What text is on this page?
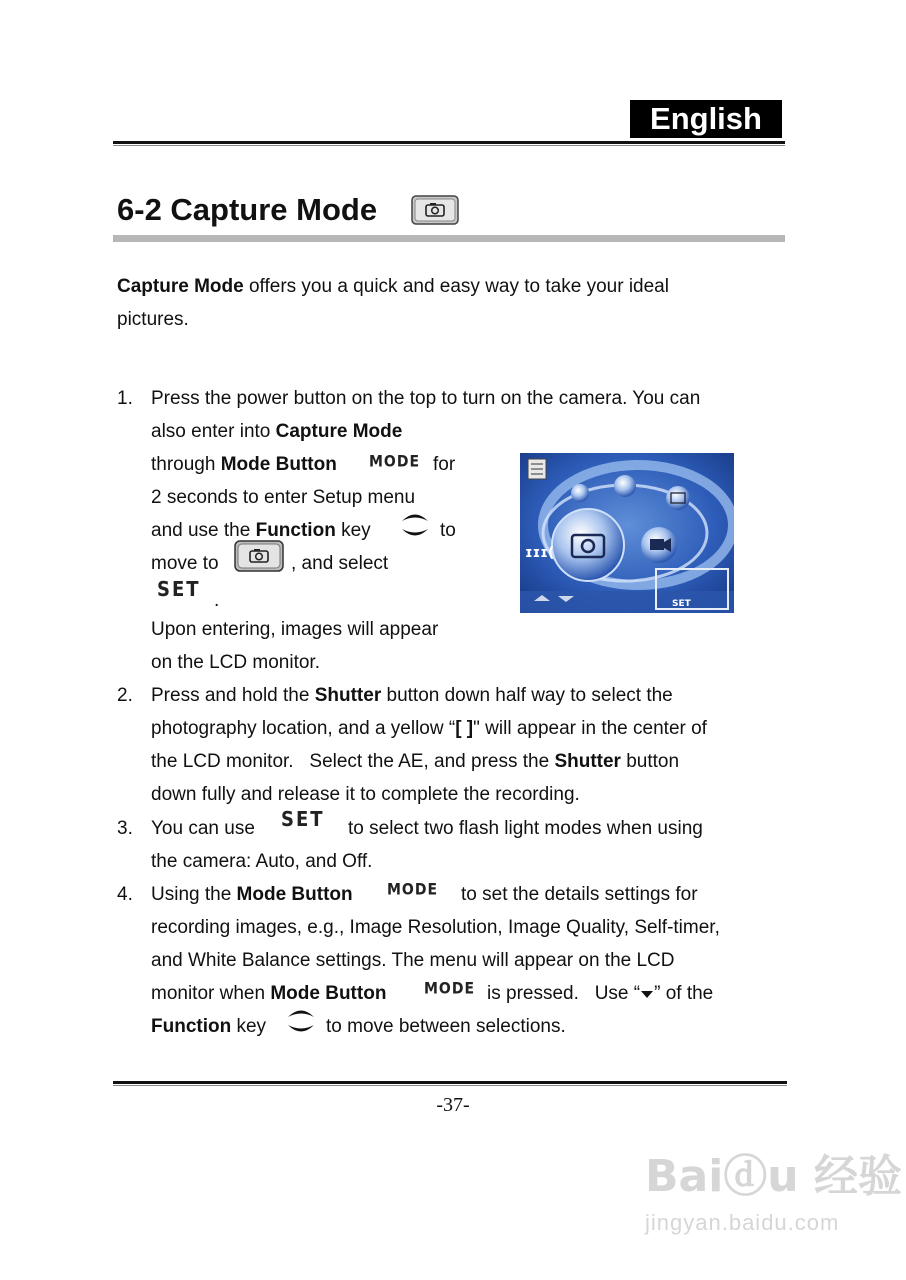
English
6-2 Capture Mode
Capture Mode offers you a quick and easy way to take your ideal
pictures.
1. Press the power button on the top to turn on the camera. You can
also enter into Capture Mode
through Mode Button MODE for
2 seconds to enter Setup menu
and use the Function key	to
move to	, and select
SET .
Upon entering, images will appear
on the LCD monitor.
ɪɪɪ(
SET
2. Press and hold the Shutter button down half way to select the
photography location, and a yellow “[ ]" will appear in the center of
the LCD monitor.   Select the AE, and press the Shutter button
down fully and release it to complete the recording.
3. You can use SET to select two flash light modes when using
the camera: Auto, and Off.
4. Using the Mode Button MODE to set the details settings for
recording images, e.g., Image Resolution, Image Quality, Self-timer,
and White Balance settings. The menu will appear on the LCD
monitor when Mode Button	MODE is pressed.   Use “ ” of the
Function key	to move between selections.
-37-
Baiⓓu 经验
jingyan.baidu.com
